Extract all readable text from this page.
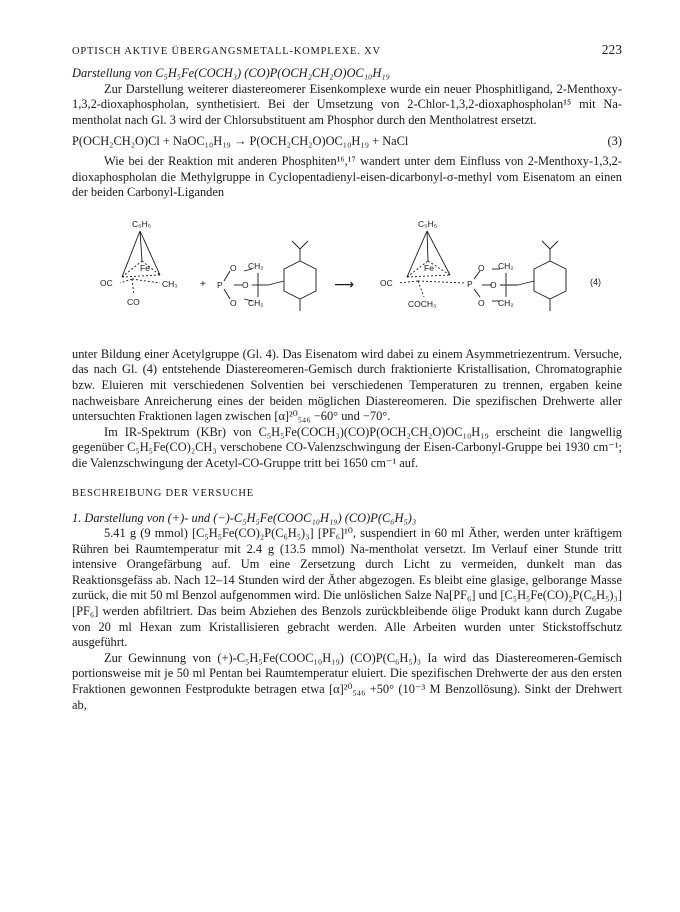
OPTISCH AKTIVE ÜBERGANGSMETALL-KOMPLEXE. XV	223
Darstellung von C₅H₅Fe(COCH₃) (CO)P(OCH₂CH₂O)OC₁₀H₁₉

Zur Darstellung weiterer diastereomerer Eisenkomplexe wurde ein neuer Phosphitligand, 2-Menthoxy-1,3,2-dioxaphospholan, synthetisiert. Bei der Umsetzung von 2-Chlor-1,3,2-dioxaphospholan¹⁵ mit Na-mentholat nach Gl. 3 wird der Chlorsubstituent am Phosphor durch den Mentholatrest ersetzt.

P(OCH₂CH₂O)Cl + NaOC₁₀H₁₉ → P(OCH₂CH₂O)OC₁₀H₁₉ + NaCl	(3)

Wie bei der Reaktion mit anderen Phosphiten¹⁶,¹⁷ wandert unter dem Einfluss von 2-Menthoxy-1,3,2-dioxaphospholan die Methylgruppe in Cyclopentadienyl-eisen-dicarbonyl-σ-methyl vom Eisenatom an einen der beiden Carbonyl-Liganden

C₅H₅
Fe
OC	CH₃
CO
+ P
O CH₂
O
O CH₂
⟶
C₅H₅
Fe
OC	P
O CH₂
O
O CH₂
COCH₃
(4)

unter Bildung einer Acetylgruppe (Gl. 4). Das Eisenatom wird dabei zu einem Asymmetriezentrum. Versuche, das nach Gl. (4) entstehende Diastereomeren-Gemisch durch fraktionierte Kristallisation, Chromatographie bzw. Eluieren mit verschiedenen Solventien bei verschiedenen Temperaturen zu trennen, ergaben keine nachweisbare Anreicherung eines der beiden möglichen Diastereomeren. Die spezifischen Drehwerte aller untersuchten Fraktionen lagen zwischen [α]²⁰₅₄₆ −60° und −70°.

Im IR-Spektrum (KBr) von C₅H₅Fe(COCH₃)(CO)P(OCH₂CH₂O)OC₁₀H₁₉ erscheint die langwellig gegenüber C₅H₅Fe(CO)₂CH₃ verschobene CO-Valenzschwingung der Eisen-Carbonyl-Gruppe bei 1930 cm⁻¹; die Valenzschwingung der Acetyl-CO-Gruppe tritt bei 1650 cm⁻¹ auf.

BESCHREIBUNG DER VERSUCHE
1. Darstellung von (+)- und (−)-C₅H₅Fe(COOC₁₀H₁₉) (CO)P(C₆H₅)₃

5.41 g (9 mmol) [C₅H₅Fe(CO)₂P(C₆H₅)₃] [PF₆]¹⁰, suspendiert in 60 ml Äther, werden unter kräftigem Rühren bei Raumtemperatur mit 2.4 g (13.5 mmol) Na-mentholat versetzt. Im Verlauf einer Stunde tritt intensive Orangefärbung auf. Um eine Zersetzung durch Licht zu vermeiden, dunkelt man das Reaktionsgefäss ab. Nach 12–14 Stunden wird der Äther abgezogen. Es bleibt eine glasige, gelborange Masse zurück, die mit 50 ml Benzol aufgenommen wird. Die unlöslichen Salze Na[PF₆] und [C₅H₅Fe(CO)₂P(C₆H₅)₃] [PF₆] werden abfiltriert. Das beim Abziehen des Benzols zurückbleibende ölige Produkt kann durch Zugabe von 20 ml Hexan zum Kristallisieren gebracht werden. Alle Arbeiten wurden unter Stickstoffschutz ausgeführt.

Zur Gewinnung von (+)-C₅H₅Fe(COOC₁₀H₁₉) (CO)P(C₆H₅)₃ Ia wird das Diastereomeren-Gemisch portionsweise mit je 50 ml Pentan bei Raumtemperatur eluiert. Die spezifischen Drehwerte der aus den ersten Fraktionen gewonnen Festprodukte betragen etwa [α]²⁰₅₄₆ +50° (10⁻³ M Benzollösung). Sinkt der Drehwert ab,
